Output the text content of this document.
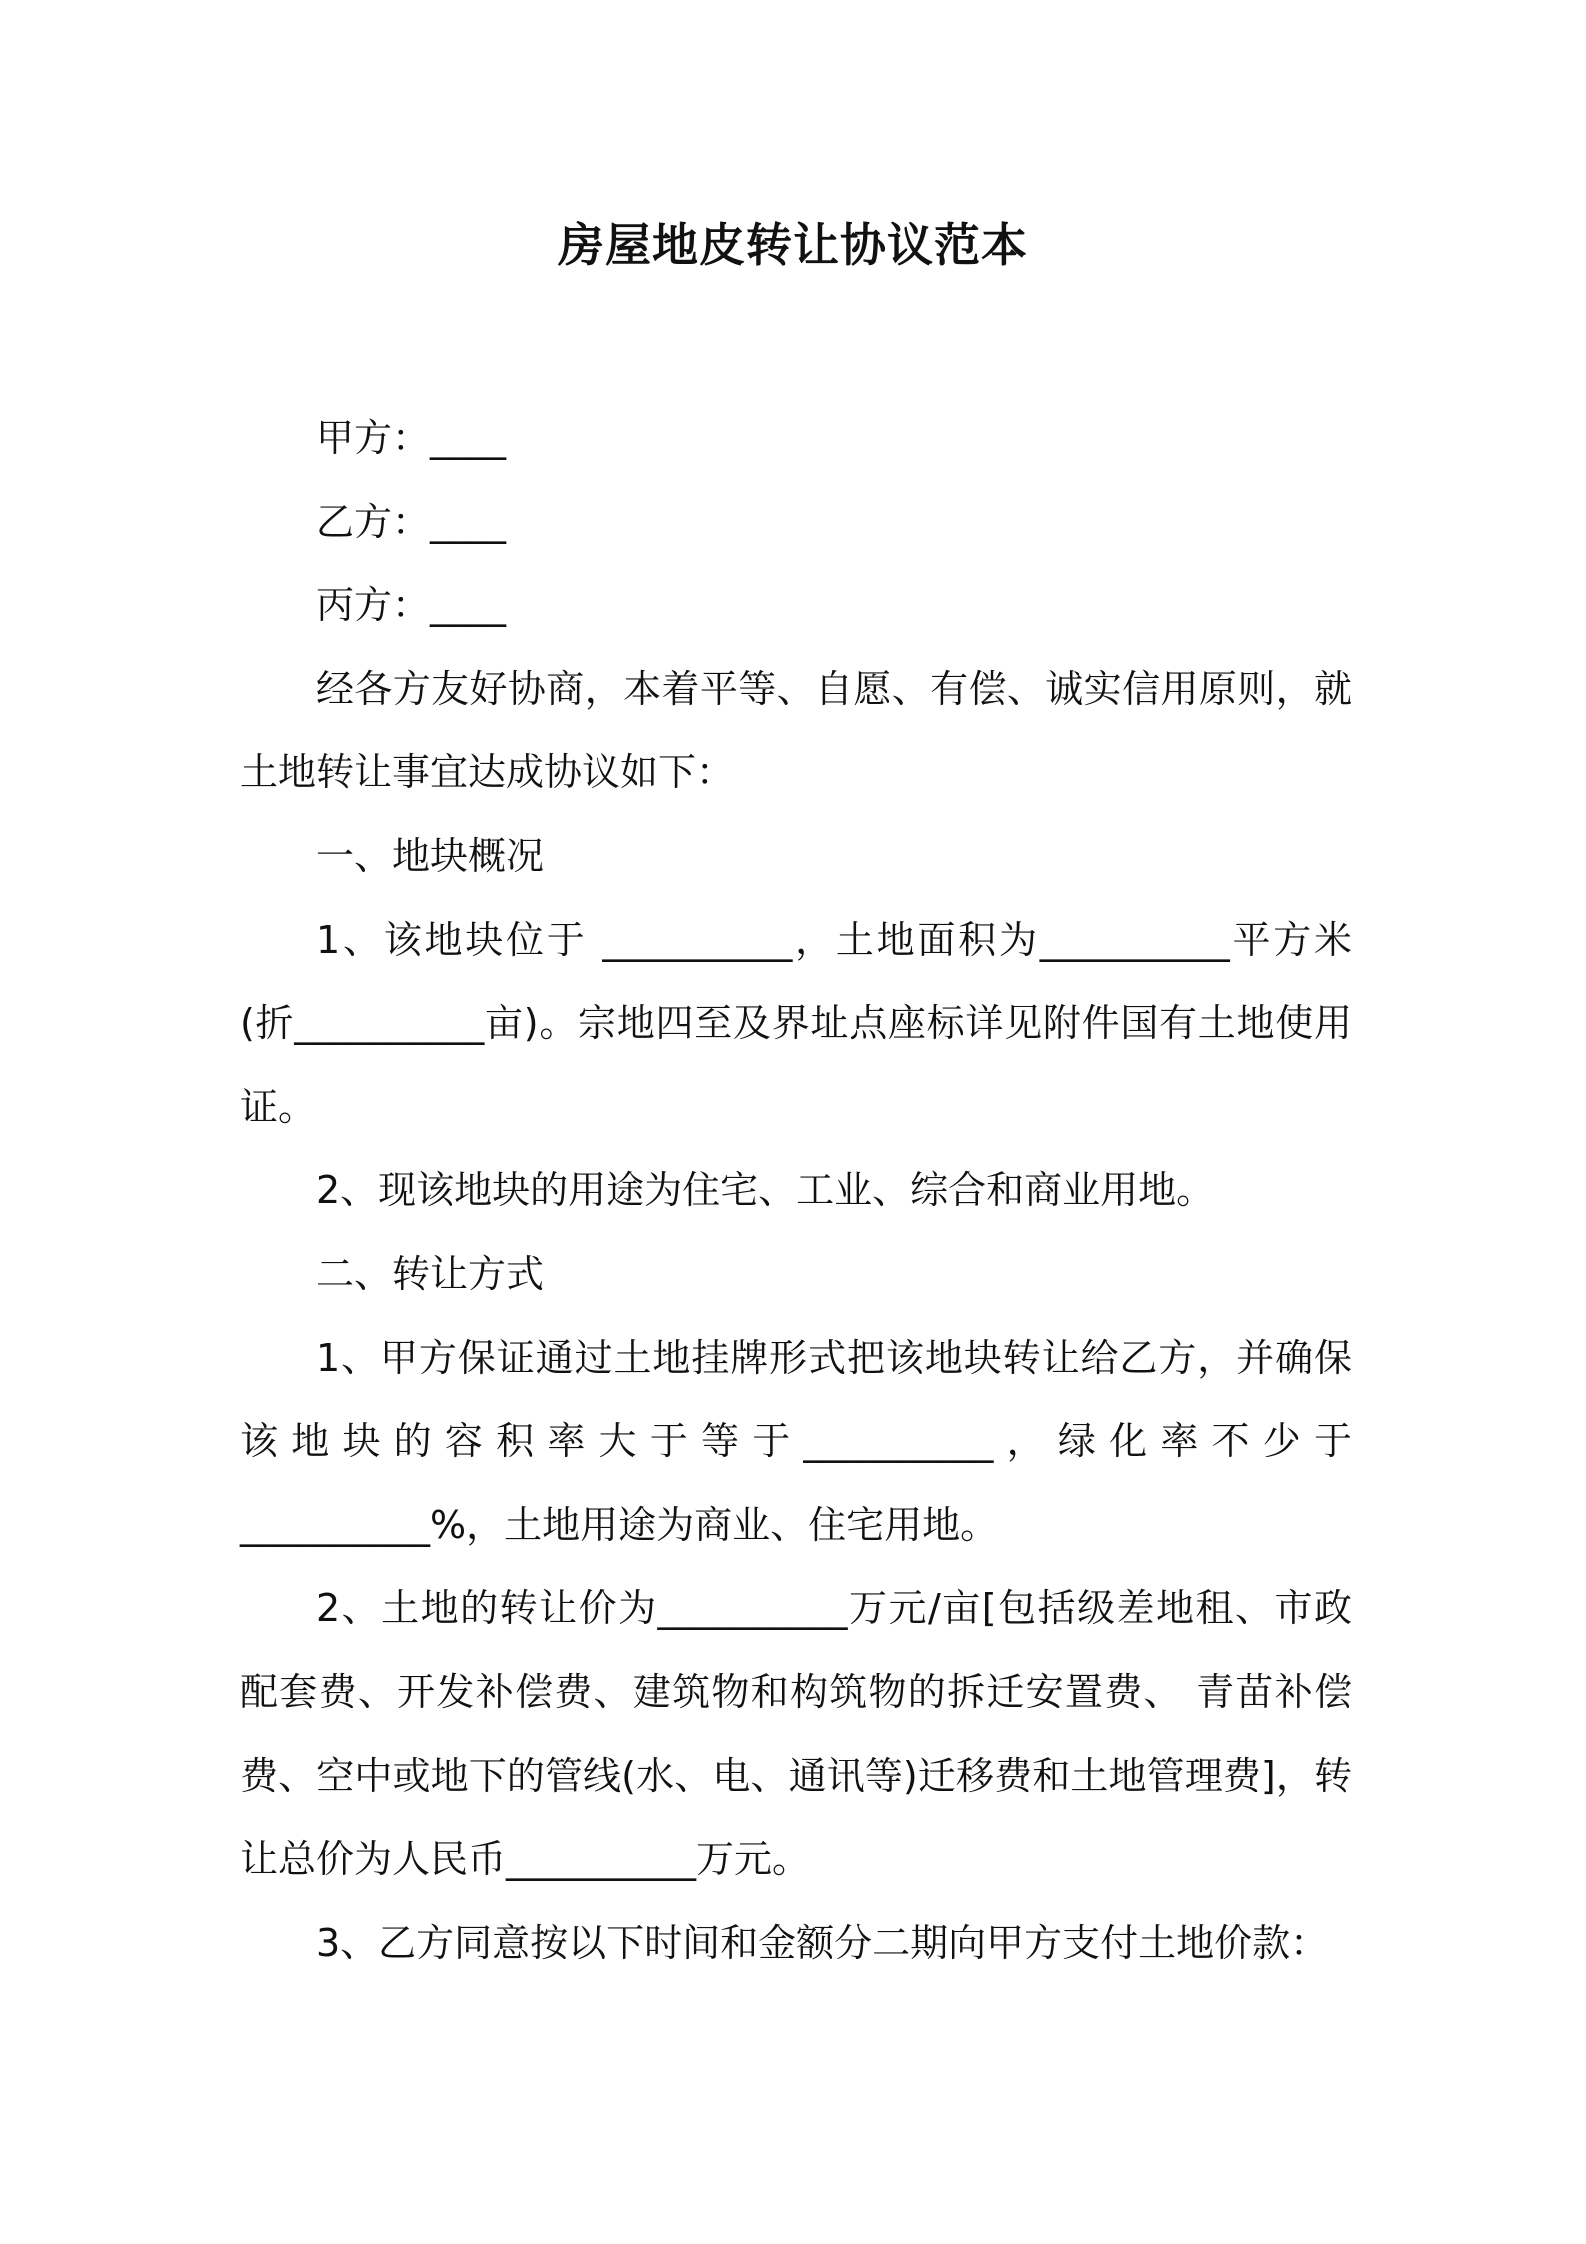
房屋地皮转让协议范本

甲方：____

乙方：____

丙方：____

经各方友好协商，本着平等、自愿、有偿、诚实信用原则，就土地转让事宜达成协议如下：

一、地块概况

1、该地块位于 __________，土地面积为__________平方米(折__________亩)。宗地四至及界址点座标详见附件国有土地使用证。

2、现该地块的用途为住宅、工业、综合和商业用地。

二、转让方式

1、甲方保证通过土地挂牌形式把该地块转让给乙方，并确保该地块的容积率大于等于__________，绿化率不少于__________%，土地用途为商业、住宅用地。

2、土地的转让价为__________万元/亩[包括级差地租、市政配套费、开发补偿费、建筑物和构筑物的拆迁安置费、 青苗补偿费、空中或地下的管线(水、电、通讯等)迁移费和土地管理费]，转让总价为人民币__________万元。

3、乙方同意按以下时间和金额分二期向甲方支付土地价款：
